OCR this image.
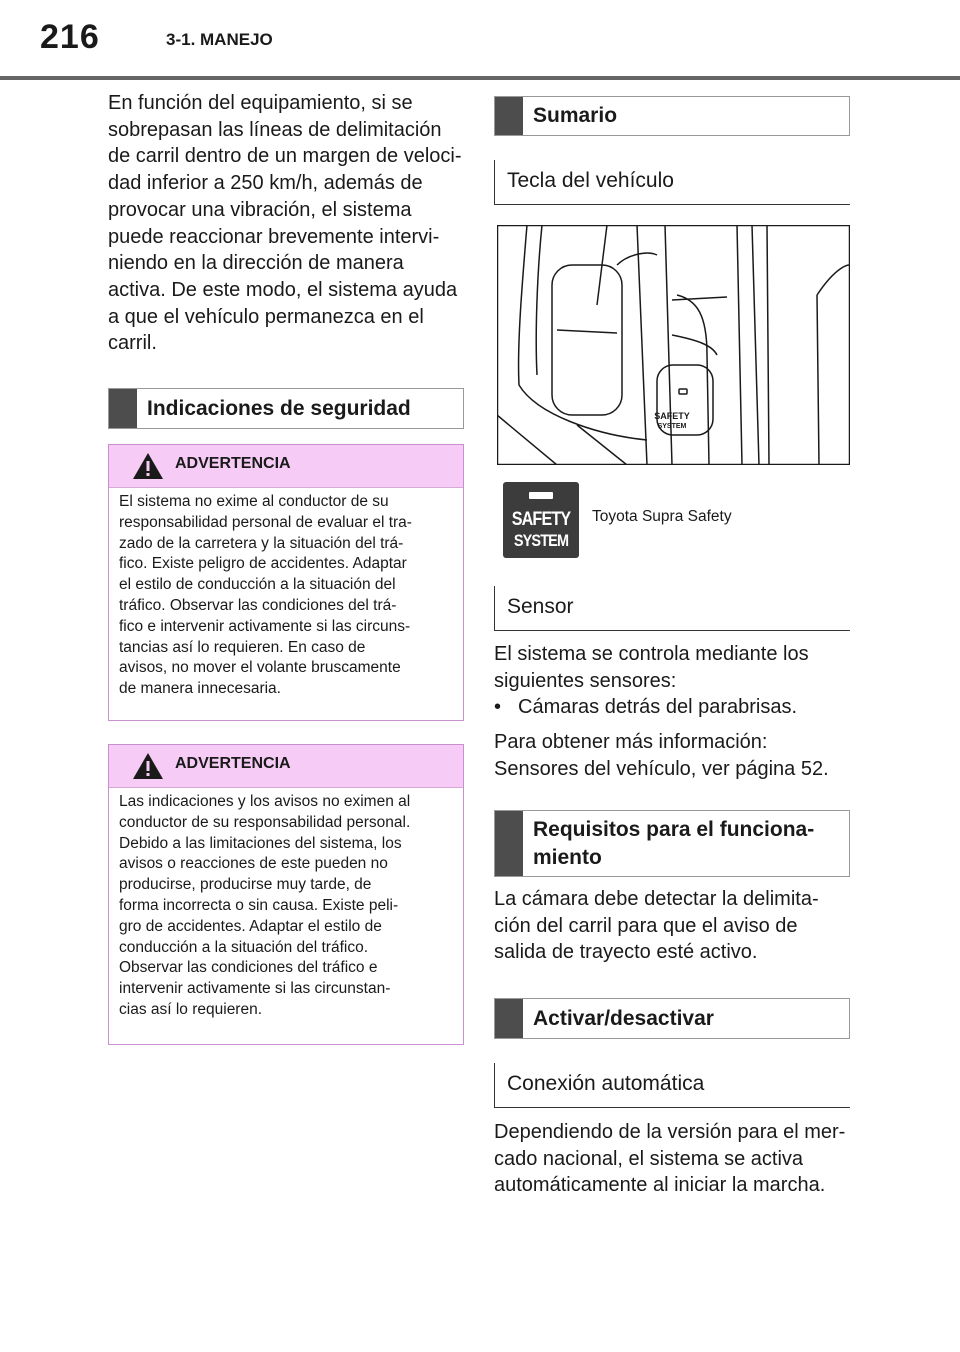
216	3-1. MANEJO

En función del equipamiento, si se

sobrepasan las líneas de delimitación

de carril dentro de un margen de veloci-

dad inferior a 250 km/h, además de

provocar una vibración, el sistema

puede reaccionar brevemente intervi-

niendo en la dirección de manera

activa. De este modo, el sistema ayuda

a que el vehículo permanezca en el

carril.

Indicaciones de seguridad
ADVERTENCIA

El sistema no exime al conductor de su

responsabilidad personal de evaluar el tra-

zado de la carretera y la situación del trá-

fico. Existe peligro de accidentes. Adaptar

el estilo de conducción a la situación del

tráfico. Observar las condiciones del trá-

fico e intervenir activamente si las circuns-

tancias así lo requieren. En caso de

avisos, no mover el volante bruscamente

de manera innecesaria.

ADVERTENCIA

Las indicaciones y los avisos no eximen al

conductor de su responsabilidad personal.

Debido a las limitaciones del sistema, los

avisos o reacciones de este pueden no

producirse, producirse muy tarde, de

forma incorrecta o sin causa. Existe peli-

gro de accidentes. Adaptar el estilo de

conducción a la situación del tráfico.

Observar las condiciones del tráfico e

intervenir activamente si las circunstan-

cias así lo requieren.

Sumario
Tecla del vehículo
SAFETY
SYSTEM
SAFETY
SYSTEM
Toyota Supra Safety
Sensor

El sistema se controla mediante los

siguientes sensores:

• Cámaras detrás del parabrisas.

Para obtener más información:

Sensores del vehículo, ver página 52.

Requisitos para el funciona-
miento

La cámara debe detectar la delimita-

ción del carril para que el aviso de

salida de trayecto esté activo.

Activar/desactivar
Conexión automática

Dependiendo de la versión para el mer-

cado nacional, el sistema se activa

automáticamente al iniciar la marcha.
